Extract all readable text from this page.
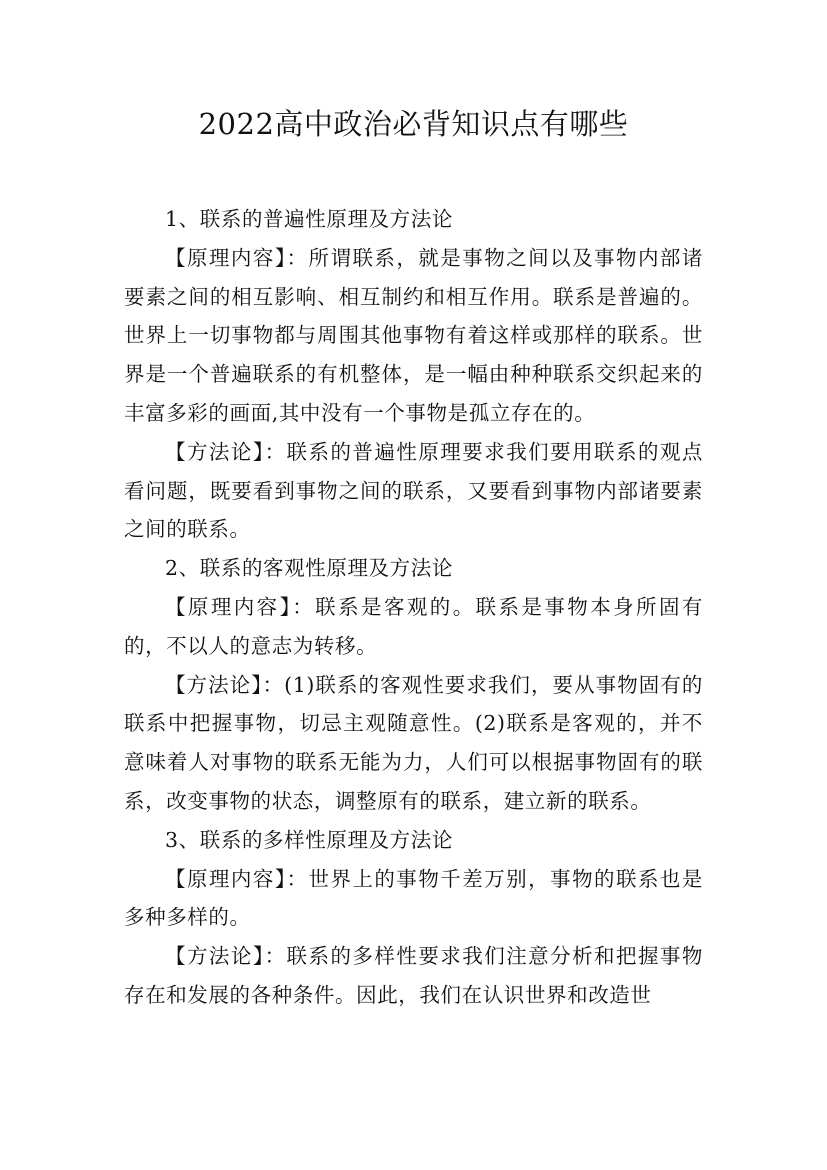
2022高中政治必背知识点有哪些

1、联系的普遍性原理及方法论

【原理内容】：所谓联系，就是事物之间以及事物内部诸要素之间的相互影响、相互制约和相互作用。联系是普遍的。世界上一切事物都与周围其他事物有着这样或那样的联系。世界是一个普遍联系的有机整体，是一幅由种种联系交织起来的丰富多彩的画面,其中没有一个事物是孤立存在的。

【方法论】：联系的普遍性原理要求我们要用联系的观点看问题，既要看到事物之间的联系，又要看到事物内部诸要素之间的联系。

2、联系的客观性原理及方法论

【原理内容】：联系是客观的。联系是事物本身所固有的，不以人的意志为转移。

【方法论】：(1)联系的客观性要求我们，要从事物固有的联系中把握事物，切忌主观随意性。(2)联系是客观的，并不意味着人对事物的联系无能为力，人们可以根据事物固有的联系，改变事物的状态，调整原有的联系，建立新的联系。

3、联系的多样性原理及方法论

【原理内容】：世界上的事物千差万别，事物的联系也是多种多样的。

【方法论】：联系的多样性要求我们注意分析和把握事物存在和发展的各种条件。因此，我们在认识世界和改造世
